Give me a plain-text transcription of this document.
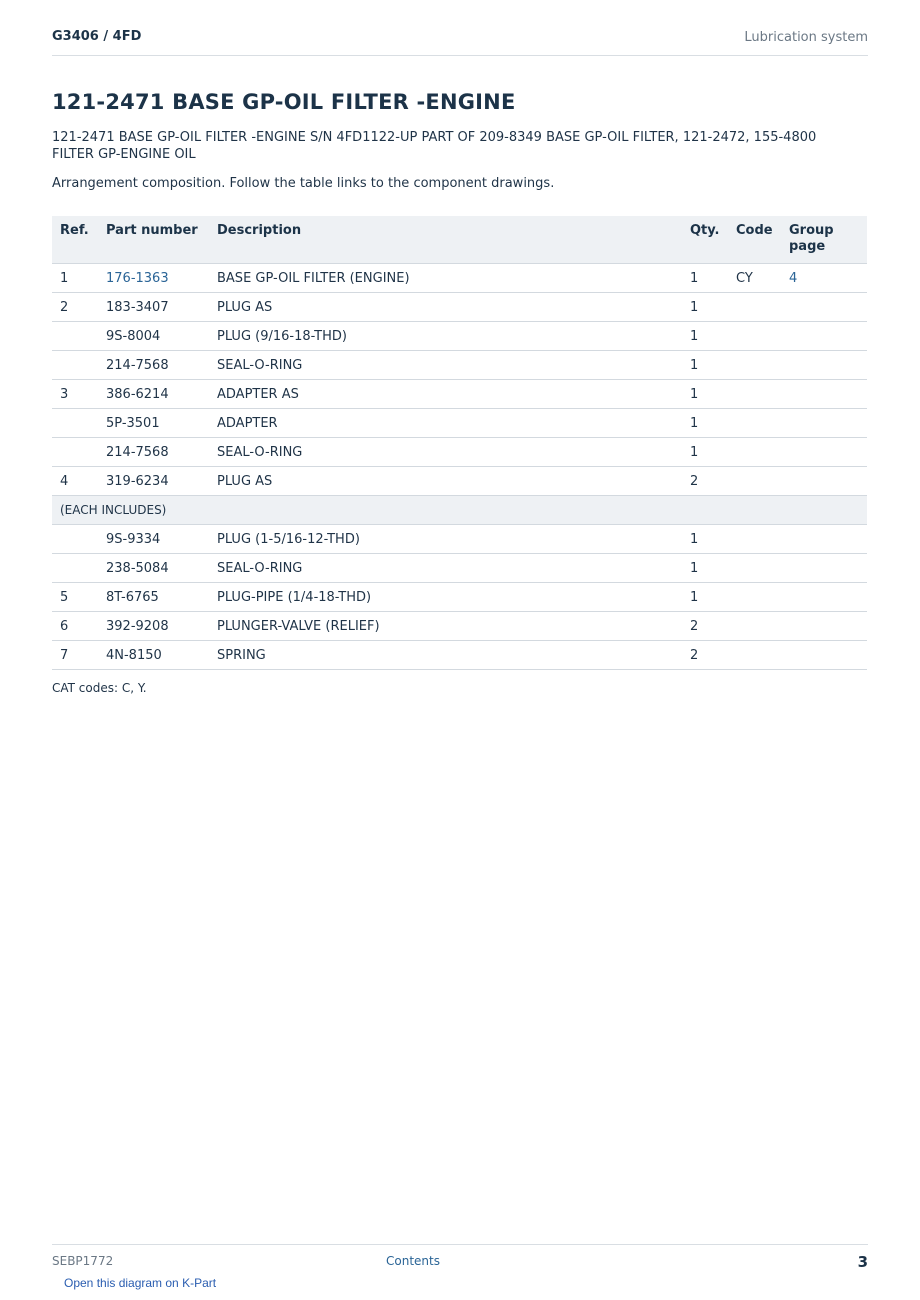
G3406 / 4FD	Lubrication system
121-2471 BASE GP-OIL FILTER -ENGINE

121-2471 BASE GP-OIL FILTER -ENGINE S/N 4FD1122-UP PART OF 209-8349 BASE GP-OIL FILTER, 121-2472, 155-4800 FILTER GP-ENGINE OIL

Arrangement composition. Follow the table links to the component drawings.

Ref.	Part number	Description	Qty.	Code	Group page
1	176-1363	BASE GP-OIL FILTER (ENGINE)	1	CY	4
2	183-3407	PLUG AS	1		
	9S-8004	PLUG (9/16-18-THD)	1		
	214-7568	SEAL-O-RING	1		
3	386-6214	ADAPTER AS	1		
	5P-3501	ADAPTER	1		
	214-7568	SEAL-O-RING	1		
4	319-6234	PLUG AS	2		
(EACH INCLUDES)					
	9S-9334	PLUG (1-5/16-12-THD)	1		
	238-5084	SEAL-O-RING	1		
5	8T-6765	PLUG-PIPE (1/4-18-THD)	1		
6	392-9208	PLUNGER-VALVE (RELIEF)	2		
7	4N-8150	SPRING	2		

CAT codes: C, Y.

SEBP1772	Contents	3
Open this diagram on K-Part
